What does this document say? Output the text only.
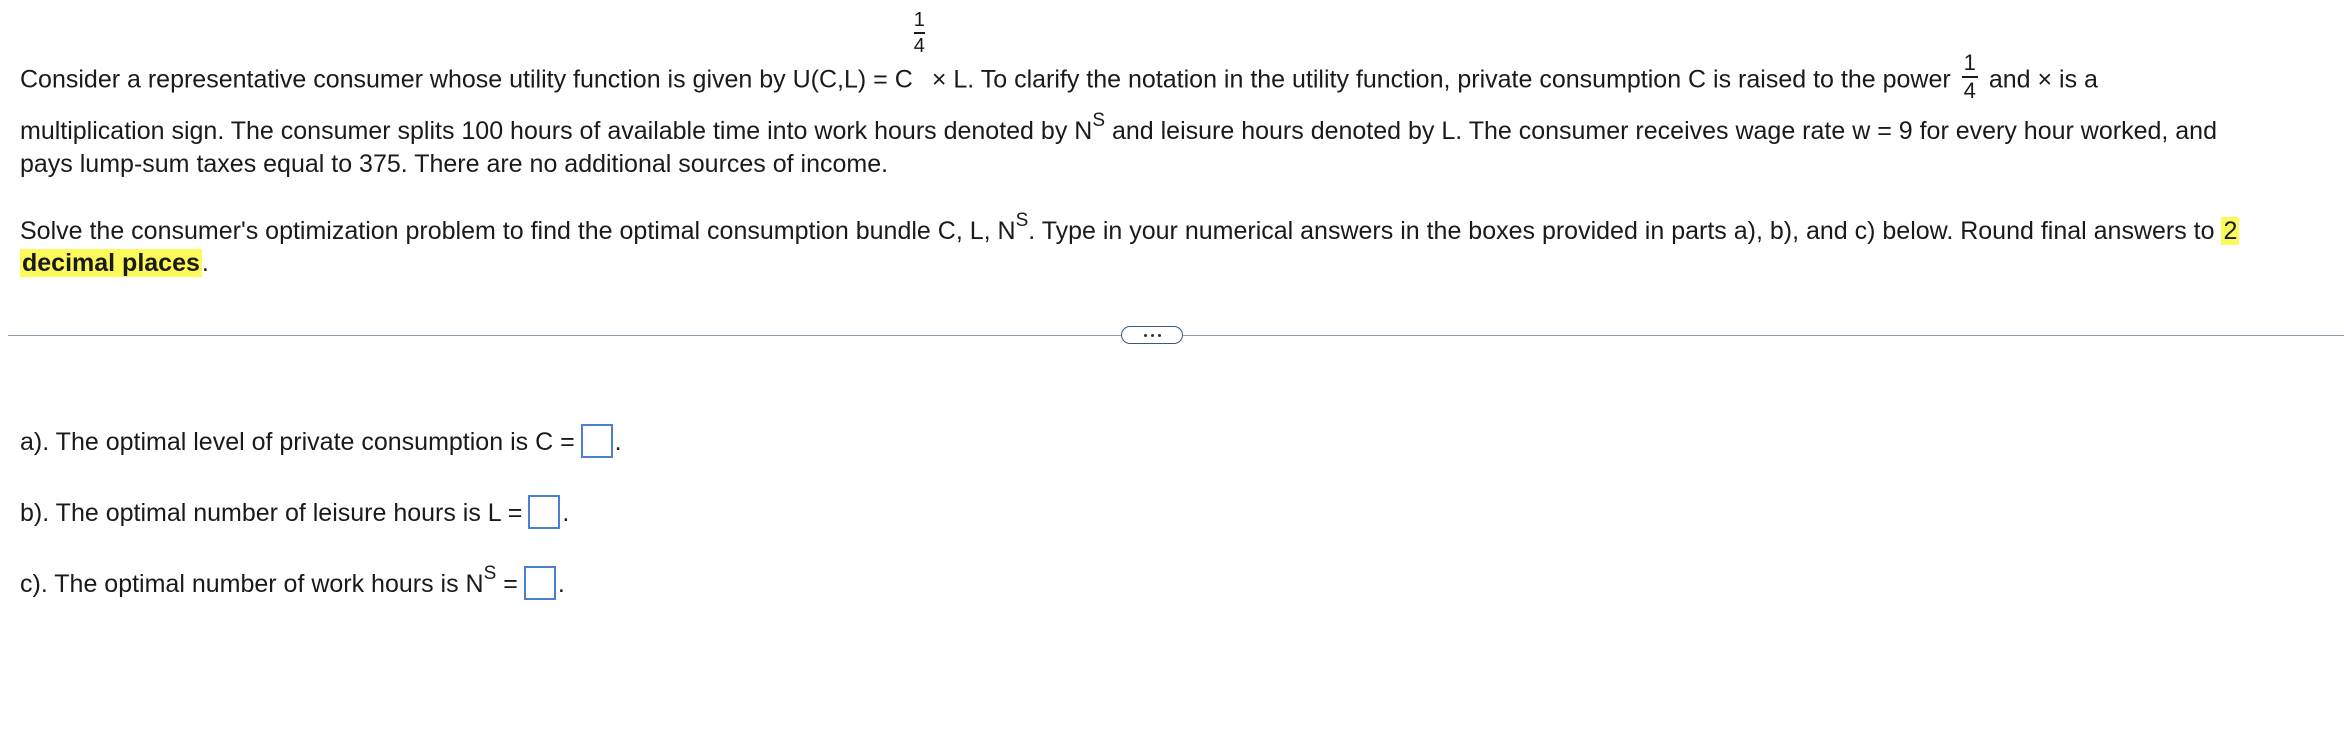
Consider a representative consumer whose utility function is given by $U(C,L) = C\frac{1}{4} \times L$. To clarify the notation in the utility function, private consumption C is raised to the power $\frac{1}{4}$ and × is a
multiplication sign. The consumer splits 100 hours of available time into work hours denoted by $N^S$ and leisure hours denoted by L. The consumer receives wage rate w = 9 for every hour worked, and
pays lump-sum taxes equal to 375. There are no additional sources of income.
Solve the consumer's optimization problem to find the optimal consumption bundle C, L, $N^S$. Type in your numerical answers in the boxes provided in parts a), b), and c) below. Round final answers to 2
decimal places.
a). The optimal level of private consumption is C = .
b). The optimal number of leisure hours is L = .
c). The optimal number of work hours is $N^S$ = .
